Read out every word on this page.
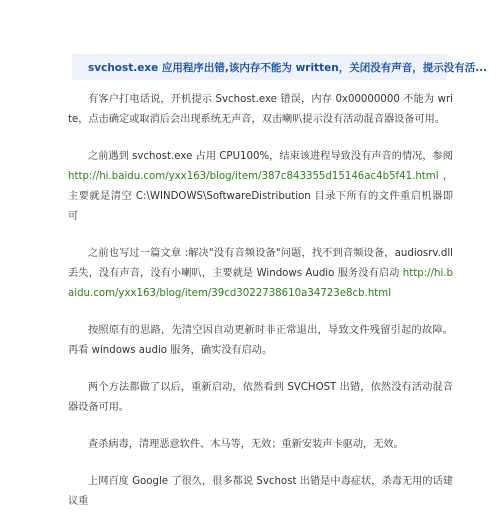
svchost.exe 应用程序出错,该内存不能为 written，关闭没有声音，提示没有活...

有客户打电话说，开机提示 Svchost.exe 错误，内存 0x00000000 不能为 write，点击确定或取消后会出现系统无声音，双击喇叭提示没有活动混音器设备可用。

之前遇到 svchost.exe 占用 CPU100%，结束该进程导致没有声音的情况，参阅 http://hi.baidu.com/yxx163/blog/item/387c843355d15146ac4b5f41.html，主要就是清空 C:\WINDOWS\SoftwareDistribution 目录下所有的文件重启机器即可

之前也写过一篇文章 :解决"没有音频设备"问题，找不到音频设备，audiosrv.dll 丢失，没有声音，没有小喇叭，主要就是 Windows Audio 服务没有启动 http://hi.baidu.com/yxx163/blog/item/39cd3022738610a34723e8cb.html

按照原有的思路，先清空因自动更新时非正常退出，导致文件残留引起的故障。再看 windows audio 服务，确实没有启动。

两个方法都做了以后，重新启动，依然看到 SVCHOST 出错，依然没有活动混音器设备可用。

查杀病毒，清理恶意软件、木马等，无效；重新安装声卡驱动，无效。

上网百度 Google 了很久，很多都说 Svchost 出错是中毒症状，杀毒无用的话建议重
